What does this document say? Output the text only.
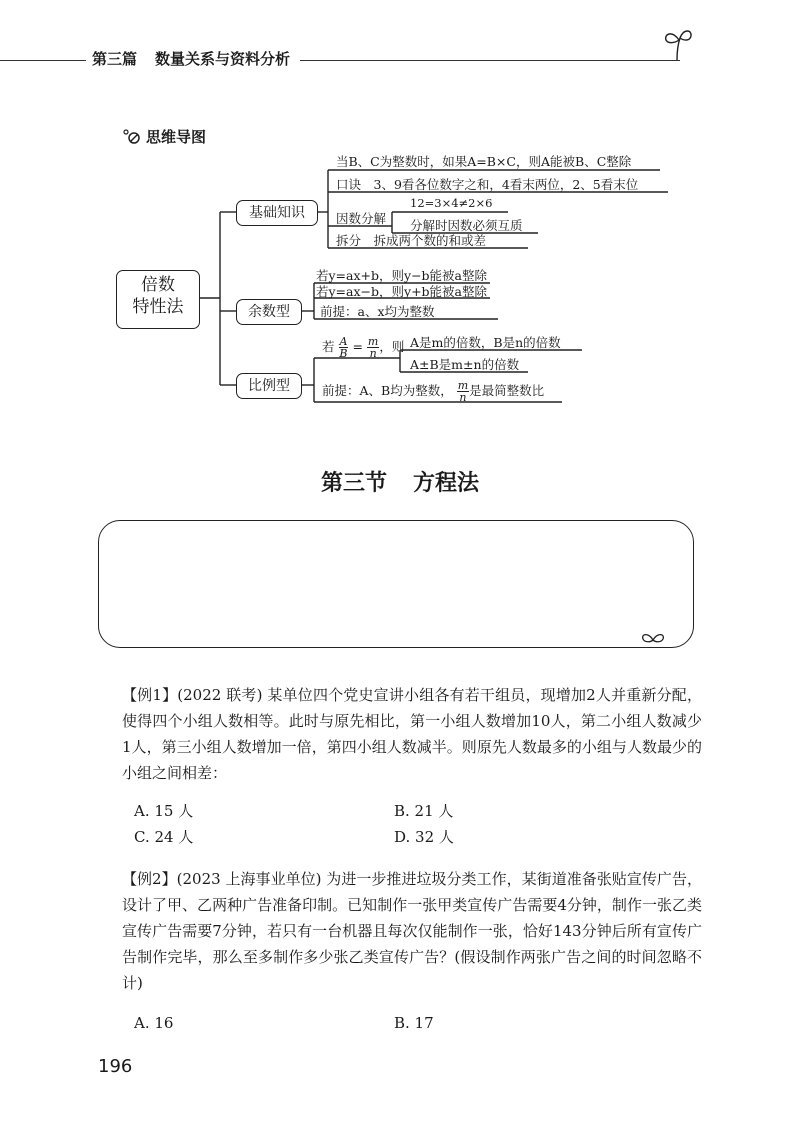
第三篇 数量关系与资料分析
思维导图
倍数
特性法
基础知识
余数型
比例型
当B、C为整数时，如果A=B×C，则A能被B、C整除
口诀　3、9看各位数字之和，4看末两位，2、5看末位
因数分解
12=3×4≠2×6
分解时因数必须互质
拆分　拆成两个数的和或差
若y=ax+b，则y−b能被a整除
若y=ax−b，则y+b能被a整除
前提：a、x均为整数
若 $\frac{A}{B} = \frac{m}{n}$ ，则 A是m的倍数，B是n的倍数
A±B是m±n的倍数
前提：A、B均为整数， $\frac{m}{n}$ 是最简整数比
第三节 方程法
【例1】(2022 联考) 某单位四个党史宣讲小组各有若干组员，现增加2人并重新分配，使得四个小组人数相等。此时与原先相比，第一小组人数增加10人，第二小组人数减少1人，第三小组人数增加一倍，第四小组人数减半。则原先人数最多的小组与人数最少的小组之间相差：
A. 15 人	B. 21 人
C. 24 人	D. 32 人
【例2】(2023 上海事业单位) 为进一步推进垃圾分类工作，某街道准备张贴宣传广告，设计了甲、乙两种广告准备印制。已知制作一张甲类宣传广告需要4分钟，制作一张乙类宣传广告需要7分钟，若只有一台机器且每次仅能制作一张，恰好143分钟后所有宣传广告制作完毕，那么至多制作多少张乙类宣传广告？(假设制作两张广告之间的时间忽略不计)
A. 16	B. 17
196
